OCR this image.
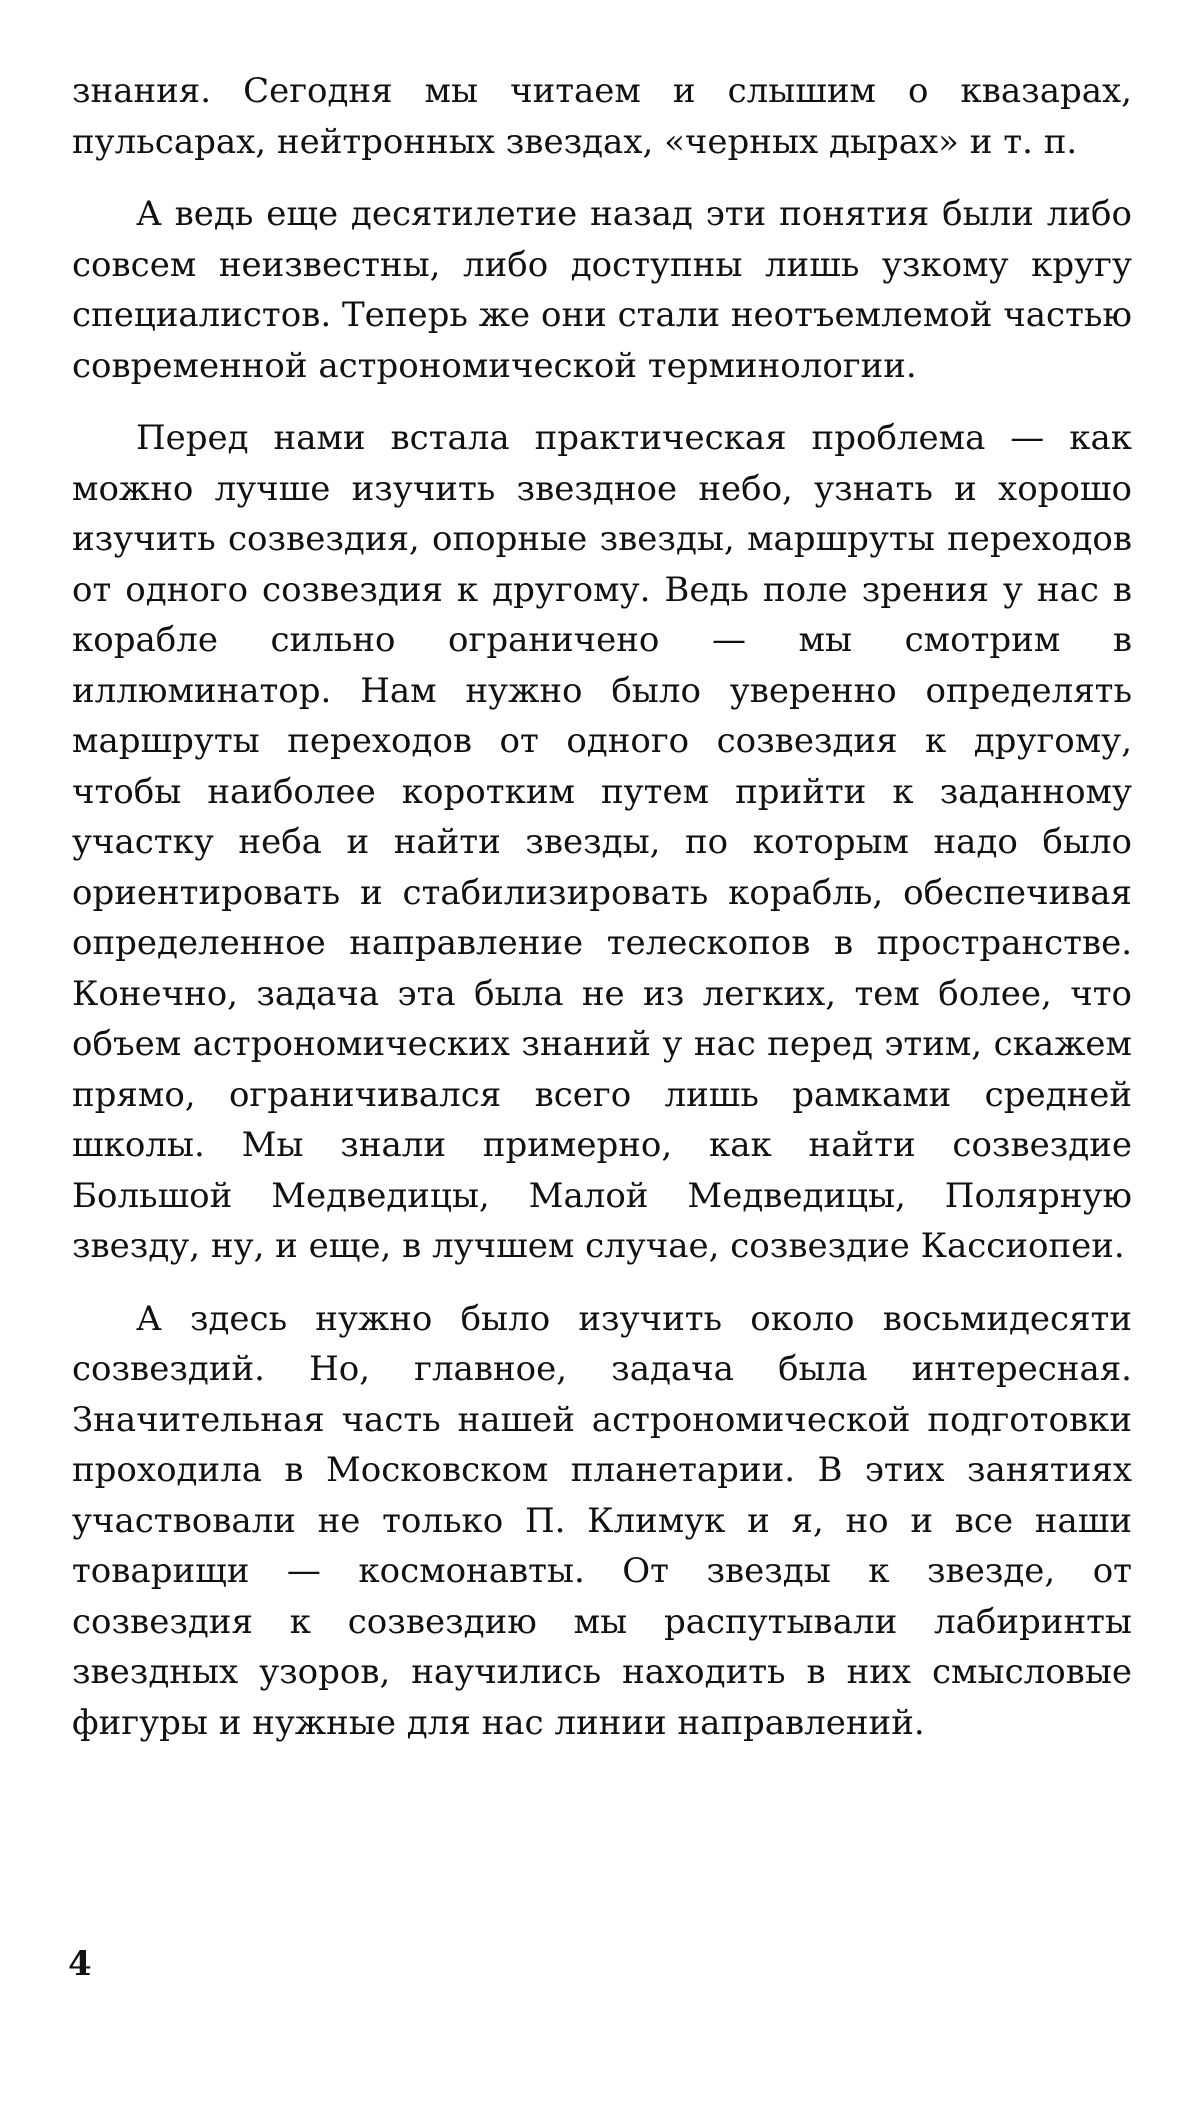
знания. Сегодня мы читаем и слышим о квазарах, пульсарах, нейтронных звездах, «черных дырах» и т. п.

А ведь еще десятилетие назад эти понятия были либо совсем неизвестны, либо доступны лишь узкому кругу специалистов. Теперь же они стали неотъемлемой частью современной астрономической терминологии.

Перед нами встала практическая проблема — как можно лучше изучить звездное небо, узнать и хорошо изучить созвездия, опорные звезды, маршруты переходов от одного созвездия к другому. Ведь поле зрения у нас в корабле сильно ограничено — мы смотрим в иллюминатор. Нам нужно было уверенно определять маршруты переходов от одного созвездия к другому, чтобы наиболее коротким путем прийти к заданному участку неба и найти звезды, по которым надо было ориентировать и стабилизировать корабль, обеспечивая определенное направление телескопов в пространстве. Конечно, задача эта была не из легких, тем более, что объем астрономических знаний у нас перед этим, скажем прямо, ограничивался всего лишь рамками средней школы. Мы знали примерно, как найти созвездие Большой Медведицы, Малой Медведицы, Полярную звезду, ну, и еще, в лучшем случае, созвездие Кассиопеи.

А здесь нужно было изучить около восьмидесяти созвездий. Но, главное, задача была интересная. Значительная часть нашей астрономической подготовки проходила в Московском планетарии. В этих занятиях участвовали не только П. Климук и я, но и все наши товарищи — космонавты. От звезды к звезде, от созвездия к созвездию мы распутывали лабиринты звездных узоров, научились находить в них смысловые фигуры и нужные для нас линии направлений.

4
